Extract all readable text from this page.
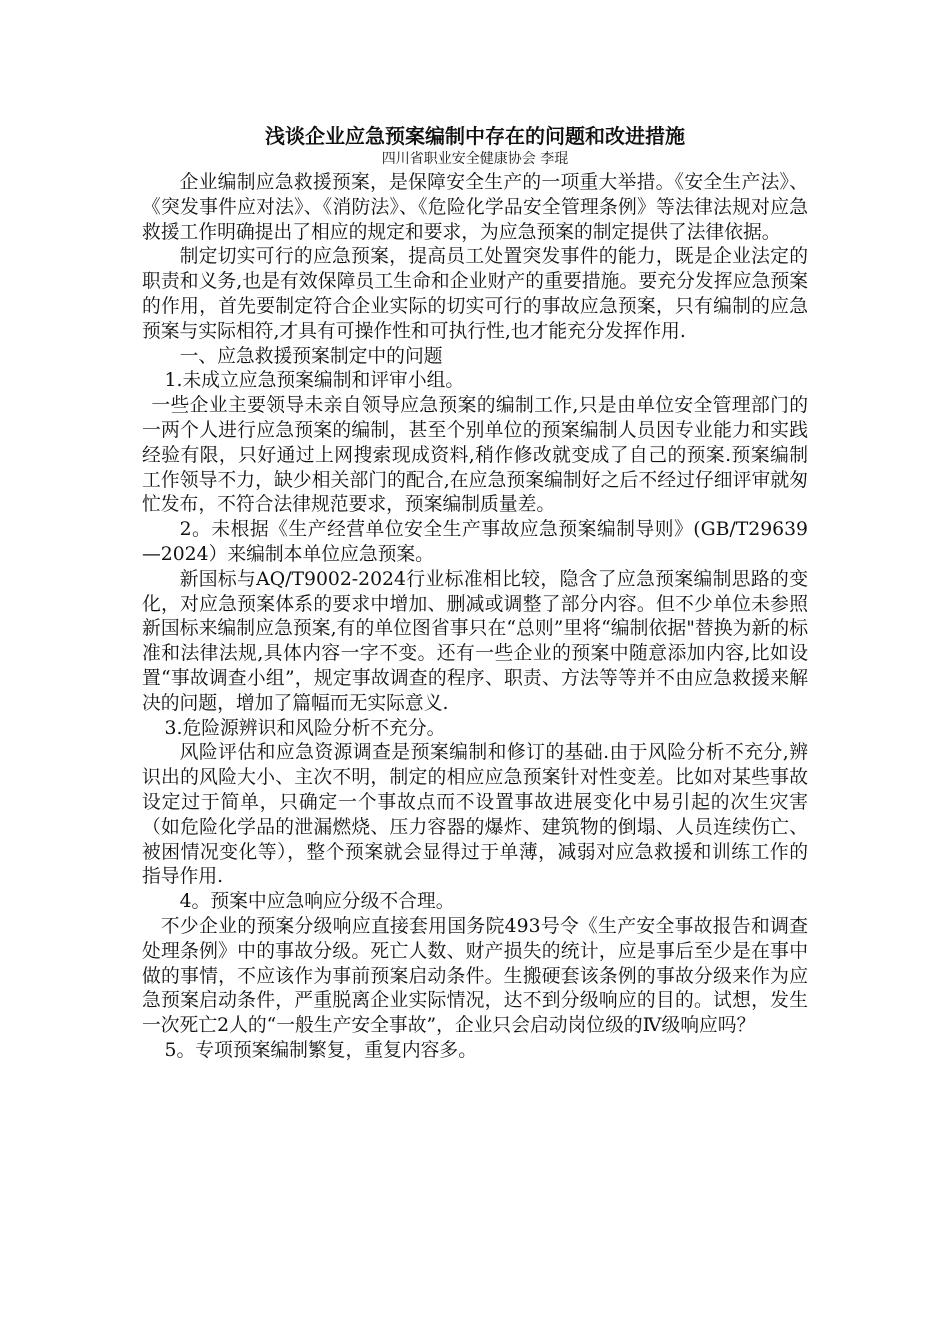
浅谈企业应急预案编制中存在的问题和改进措施
四川省职业安全健康协会 李琨

企业编制应急救援预案，是保障安全生产的一项重大举措。《安全生产法》、《突发事件应对法》、《消防法》、《危险化学品安全管理条例》等法律法规对应急救援工作明确提出了相应的规定和要求，为应急预案的制定提供了法律依据。

制定切实可行的应急预案，提高员工处置突发事件的能力，既是企业法定的职责和义务,也是有效保障员工生命和企业财产的重要措施。要充分发挥应急预案的作用，首先要制定符合企业实际的切实可行的事故应急预案，只有编制的应急预案与实际相符,才具有可操作性和可执行性,也才能充分发挥作用.

一、应急救援预案制定中的问题

1.未成立应急预案编制和评审小组。

一些企业主要领导未亲自领导应急预案的编制工作,只是由单位安全管理部门的一两个人进行应急预案的编制，甚至个别单位的预案编制人员因专业能力和实践经验有限，只好通过上网搜索现成资料,稍作修改就变成了自己的预案.预案编制工作领导不力，缺少相关部门的配合,在应急预案编制好之后不经过仔细评审就匆忙发布，不符合法律规范要求，预案编制质量差。

2。未根据《生产经营单位安全生产事故应急预案编制导则》(GB/T29639—2024）来编制本单位应急预案。

新国标与AQ/T9002-2024行业标准相比较，隐含了应急预案编制思路的变化，对应急预案体系的要求中增加、删减或调整了部分内容。但不少单位未参照新国标来编制应急预案,有的单位图省事只在“总则”里将“编制依据"替换为新的标准和法律法规,具体内容一字不变。还有一些企业的预案中随意添加内容,比如设置“事故调查小组”，规定事故调查的程序、职责、方法等等并不由应急救援来解决的问题，增加了篇幅而无实际意义.

3.危险源辨识和风险分析不充分。

风险评估和应急资源调查是预案编制和修订的基础.由于风险分析不充分,辨识出的风险大小、主次不明，制定的相应应急预案针对性变差。比如对某些事故设定过于简单，只确定一个事故点而不设置事故进展变化中易引起的次生灾害（如危险化学品的泄漏燃烧、压力容器的爆炸、建筑物的倒塌、人员连续伤亡、被困情况变化等），整个预案就会显得过于单薄，减弱对应急救援和训练工作的指导作用.

4。预案中应急响应分级不合理。

不少企业的预案分级响应直接套用国务院493号令《生产安全事故报告和调查处理条例》中的事故分级。死亡人数、财产损失的统计，应是事后至少是在事中做的事情，不应该作为事前预案启动条件。生搬硬套该条例的事故分级来作为应急预案启动条件，严重脱离企业实际情况，达不到分级响应的目的。试想，发生一次死亡2人的“一般生产安全事故”，企业只会启动岗位级的Ⅳ级响应吗？

5。专项预案编制繁复，重复内容多。
